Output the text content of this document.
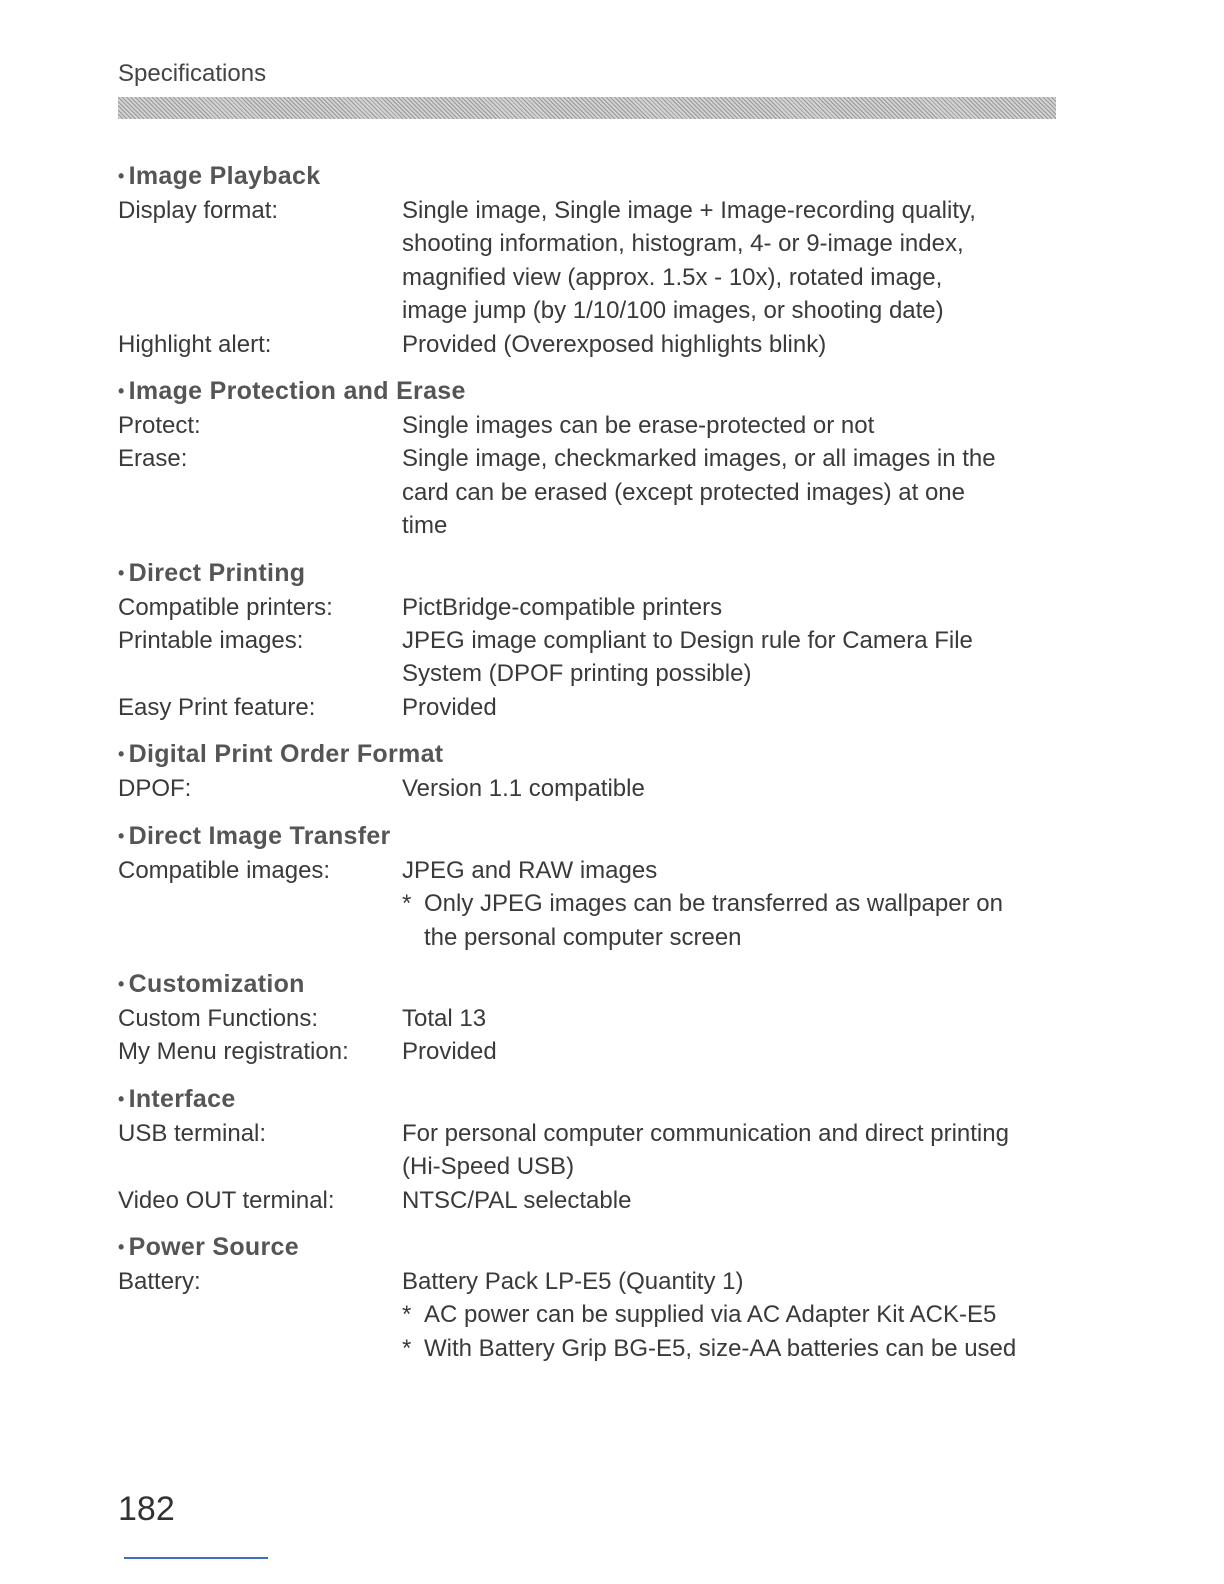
Specifications
• Image Playback
Display format:	Single image, Single image + Image-recording quality,
shooting information, histogram, 4- or 9-image index,
magnified view (approx. 1.5x - 10x), rotated image,
image jump (by 1/10/100 images, or shooting date)
Highlight alert:	Provided (Overexposed highlights blink)
• Image Protection and Erase
Protect:	Single images can be erase-protected or not
Erase:	Single image, checkmarked images, or all images in the
card can be erased (except protected images) at one
time
• Direct Printing
Compatible printers:	PictBridge-compatible printers
Printable images:	JPEG image compliant to Design rule for Camera File
System (DPOF printing possible)
Easy Print feature:	Provided
• Digital Print Order Format
DPOF:	Version 1.1 compatible
• Direct Image Transfer
Compatible images:	JPEG and RAW images
* Only JPEG images can be transferred as wallpaper on
the personal computer screen
• Customization
Custom Functions:	Total 13
My Menu registration:	Provided
• Interface
USB terminal:	For personal computer communication and direct printing
(Hi-Speed USB)
Video OUT terminal:	NTSC/PAL selectable
• Power Source
Battery:	Battery Pack LP-E5 (Quantity 1)
* AC power can be supplied via AC Adapter Kit ACK-E5
* With Battery Grip BG-E5, size-AA batteries can be used
182
